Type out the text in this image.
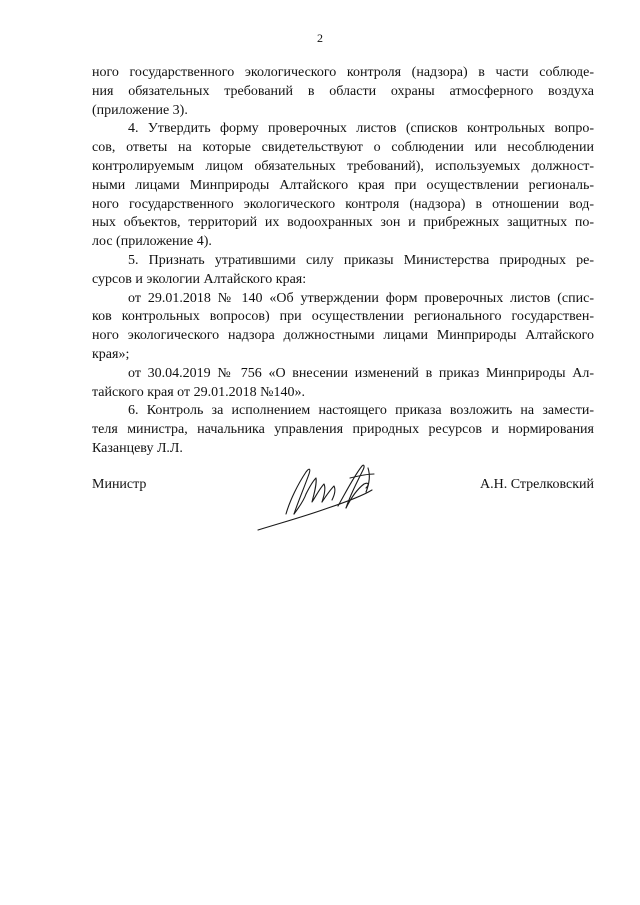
2
ного государственного экологического контроля (надзора) в части соблюде-
ния обязательных требований в области охраны атмосферного воздуха
(приложение 3).
4. Утвердить форму проверочных листов (списков контрольных вопро-
сов, ответы на которые свидетельствуют о соблюдении или несоблюдении
контролируемым лицом обязательных требований), используемых должност-
ными лицами Минприроды Алтайского края при осуществлении региональ-
ного государственного экологического контроля (надзора) в отношении вод-
ных объектов, территорий их водоохранных зон и прибрежных защитных по-
лос (приложение 4).
5. Признать утратившими силу приказы Министерства природных ре-
сурсов и экологии Алтайского края:
от 29.01.2018 № 140 «Об утверждении форм проверочных листов (спис-
ков контрольных вопросов) при осуществлении регионального государствен-
ного экологического надзора должностными лицами Минприроды Алтайского
края»;
от 30.04.2019 № 756 «О внесении изменений в приказ Минприроды Ал-
тайского края от 29.01.2018 №140».
6. Контроль за исполнением настоящего приказа возложить на замести-
теля министра, начальника управления природных ресурсов и нормирования
Казанцеву Л.Л.
Министр	А.Н. Стрелковский
